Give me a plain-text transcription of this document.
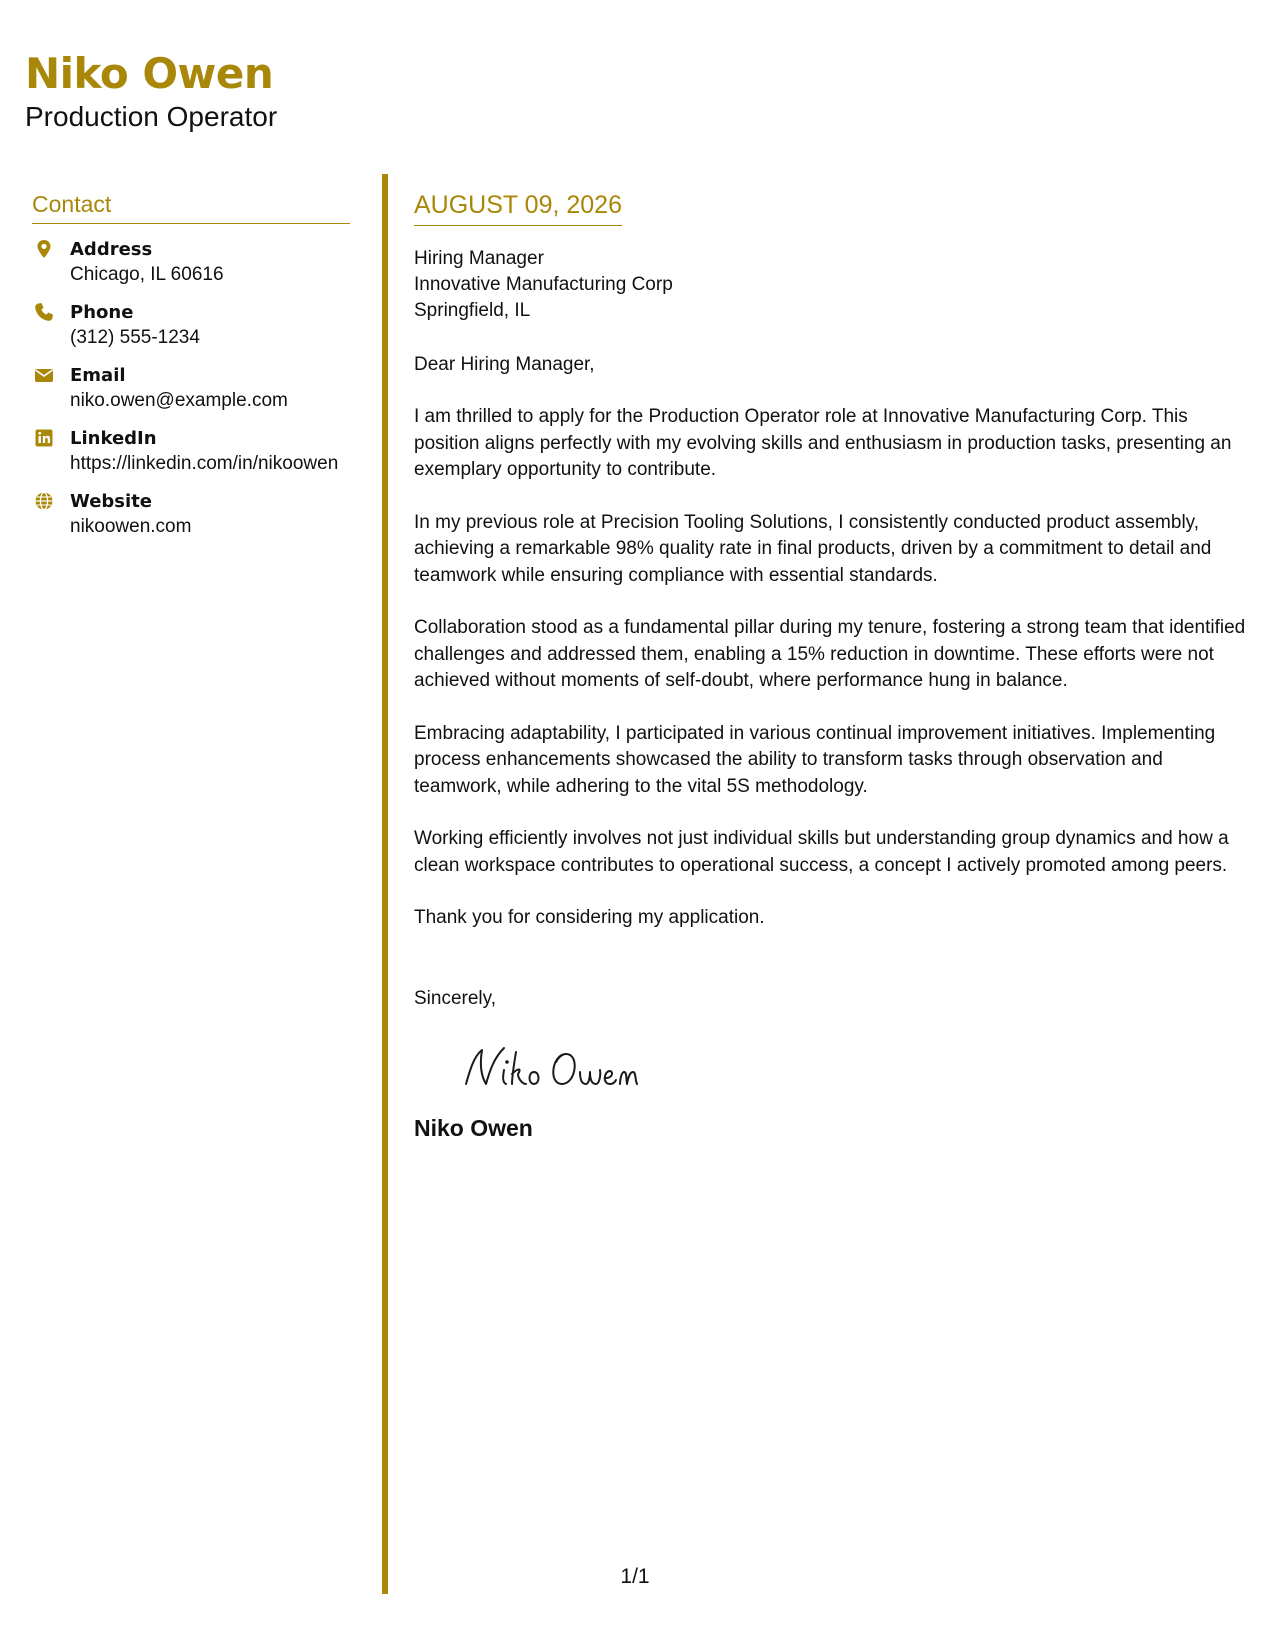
Niko Owen
Production Operator
Contact
Address
Chicago, IL 60616
Phone
(312) 555-1234
Email
niko.owen@example.com
LinkedIn
https://linkedin.com/in/nikoowen
Website
nikoowen.com
AUGUST 09, 2026
Hiring Manager
Innovative Manufacturing Corp
Springfield, IL
Dear Hiring Manager,
I am thrilled to apply for the Production Operator role at Innovative Manufacturing Corp. This position aligns perfectly with my evolving skills and enthusiasm in production tasks, presenting an exemplary opportunity to contribute.
In my previous role at Precision Tooling Solutions, I consistently conducted product assembly, achieving a remarkable 98% quality rate in final products, driven by a commitment to detail and teamwork while ensuring compliance with essential standards.
Collaboration stood as a fundamental pillar during my tenure, fostering a strong team that identified challenges and addressed them, enabling a 15% reduction in downtime. These efforts were not achieved without moments of self-doubt, where performance hung in balance.
Embracing adaptability, I participated in various continual improvement initiatives. Implementing process enhancements showcased the ability to transform tasks through observation and teamwork, while adhering to the vital 5S methodology.
Working efficiently involves not just individual skills but understanding group dynamics and how a clean workspace contributes to operational success, a concept I actively promoted among peers.
Thank you for considering my application.
Sincerely,
Niko Owen
1/1
